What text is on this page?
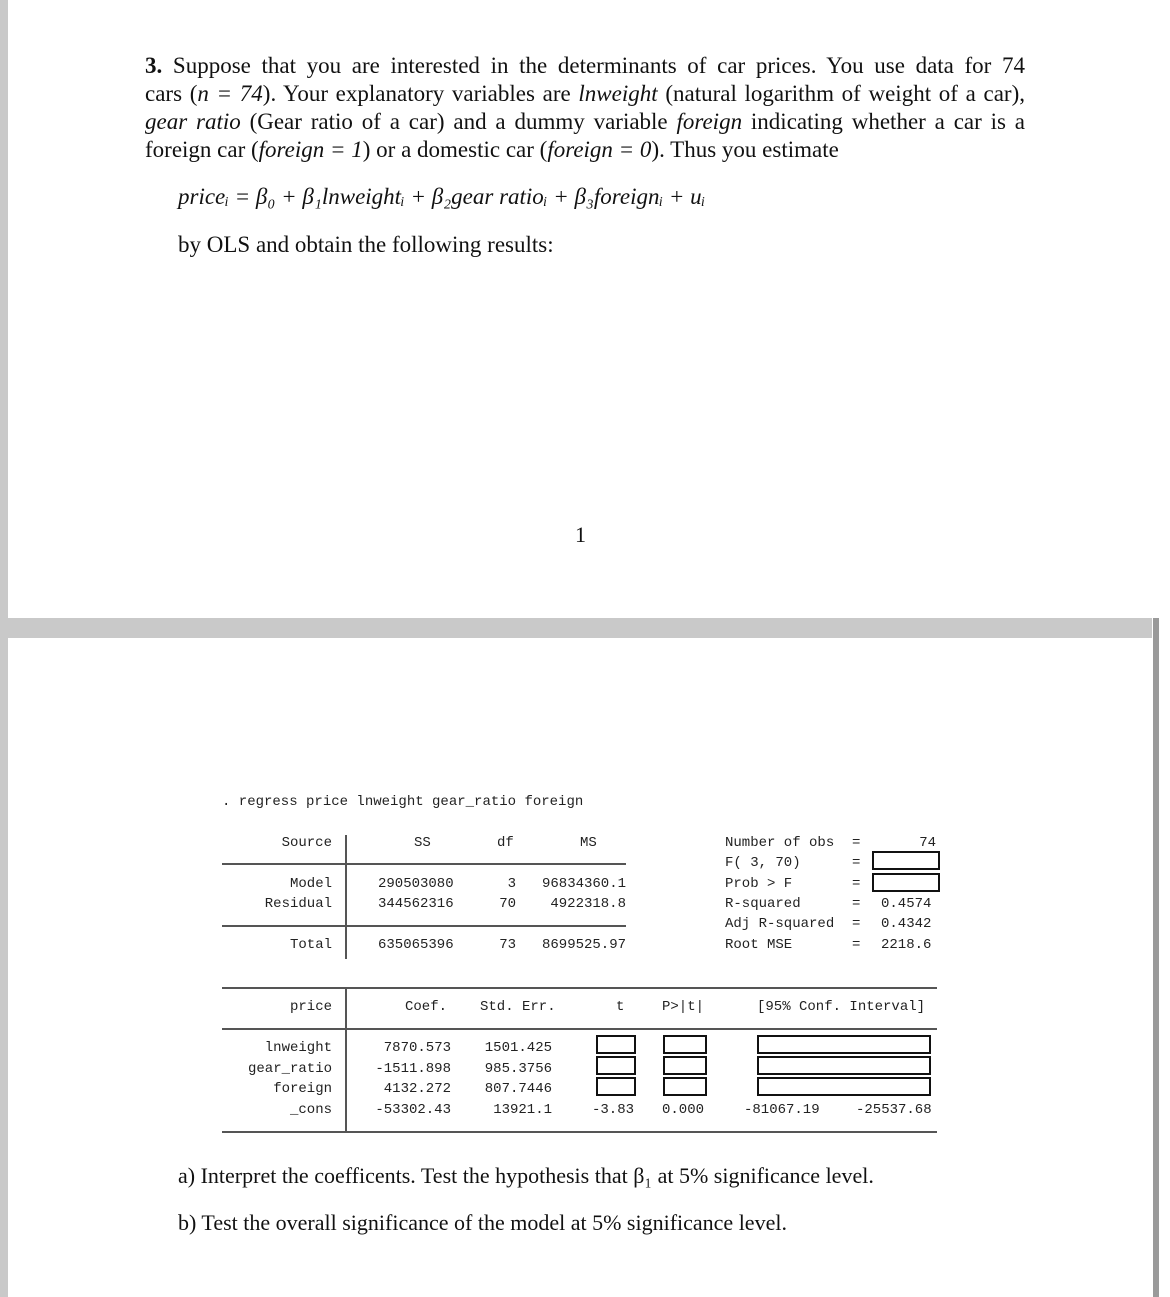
3. Suppose that you are interested in the determinants of car prices. You use data for 74
cars (n = 74). Your explanatory variables are lnweight (natural logarithm of weight of a car),
gear ratio (Gear ratio of a car) and a dummy variable foreign indicating whether a car is a
foreign car (foreign = 1) or a domestic car (foreign = 0). Thus you estimate
priceᵢ = β₀ + β₁lnweightᵢ + β₂gear ratioᵢ + β₃foreignᵢ + uᵢ
by OLS and obtain the following results:
1
. regress price lnweight gear_ratio foreign
Source	SS	df	MS
Model	290503080	3	96834360.1
Residual	344562316	70	4922318.8
Total	635065396	73	8699525.97
Number of obs =	74
F( 3, 70)	=
Prob > F	=
R-squared	= 0.4574
Adj R-squared = 0.4342
Root MSE	= 2218.6
price	Coef. Std. Err.	t	P>|t|	[95% Conf. Interval]
lnweight	7870.573	1501.425
gear_ratio	-1511.898	985.3756
foreign	4132.272	807.7446
_cons	-53302.43	13921.1	-3.83 0.000	-81067.19	-25537.68
a) Interpret the coefficents. Test the hypothesis that β₁ at 5% significance level.
b) Test the overall significance of the model at 5% significance level.
